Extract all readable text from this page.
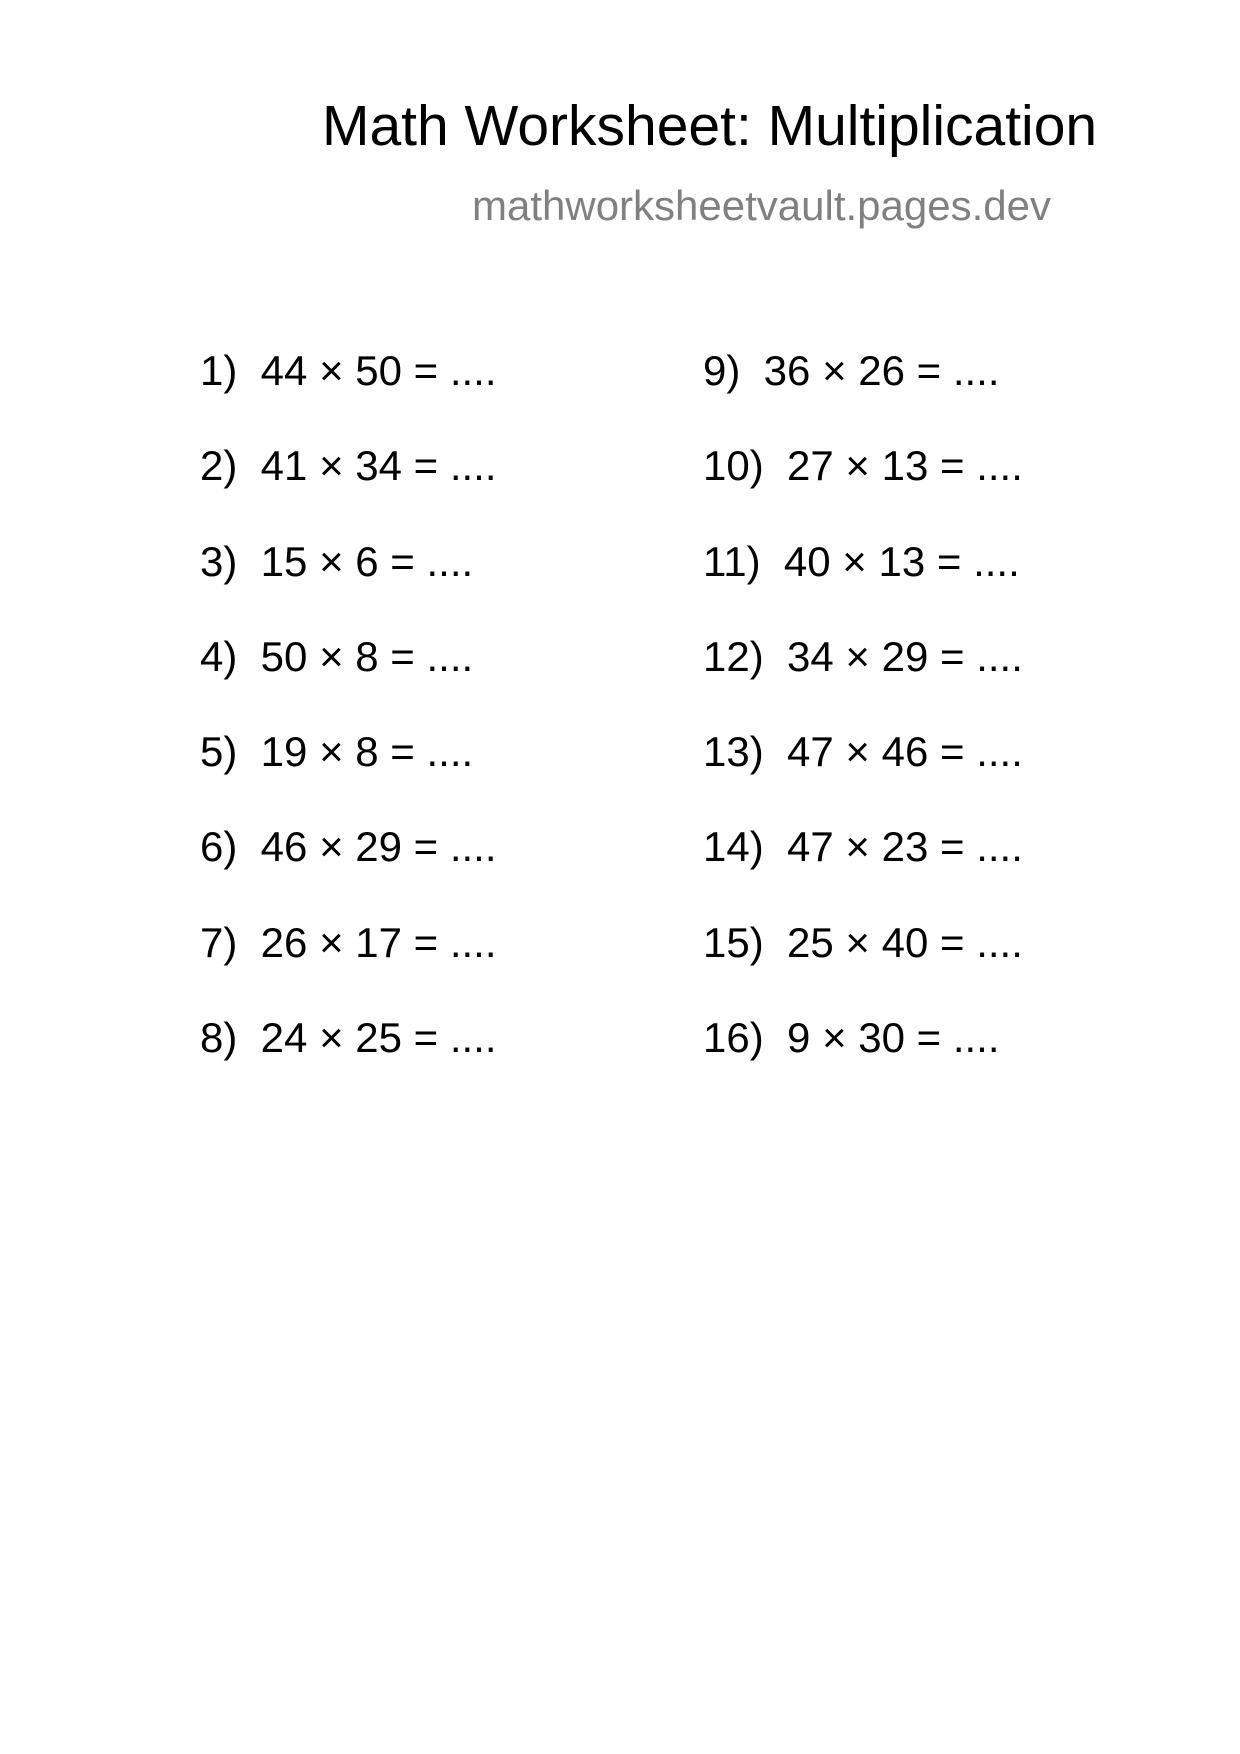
Math Worksheet: Multiplication
mathworksheetvault.pages.dev
1)  44 × 50 = ....
2)  41 × 34 = ....
3)  15 × 6 = ....
4)  50 × 8 = ....
5)  19 × 8 = ....
6)  46 × 29 = ....
7)  26 × 17 = ....
8)  24 × 25 = ....
9)  36 × 26 = ....
10)  27 × 13 = ....
11)  40 × 13 = ....
12)  34 × 29 = ....
13)  47 × 46 = ....
14)  47 × 23 = ....
15)  25 × 40 = ....
16)  9 × 30 = ....
